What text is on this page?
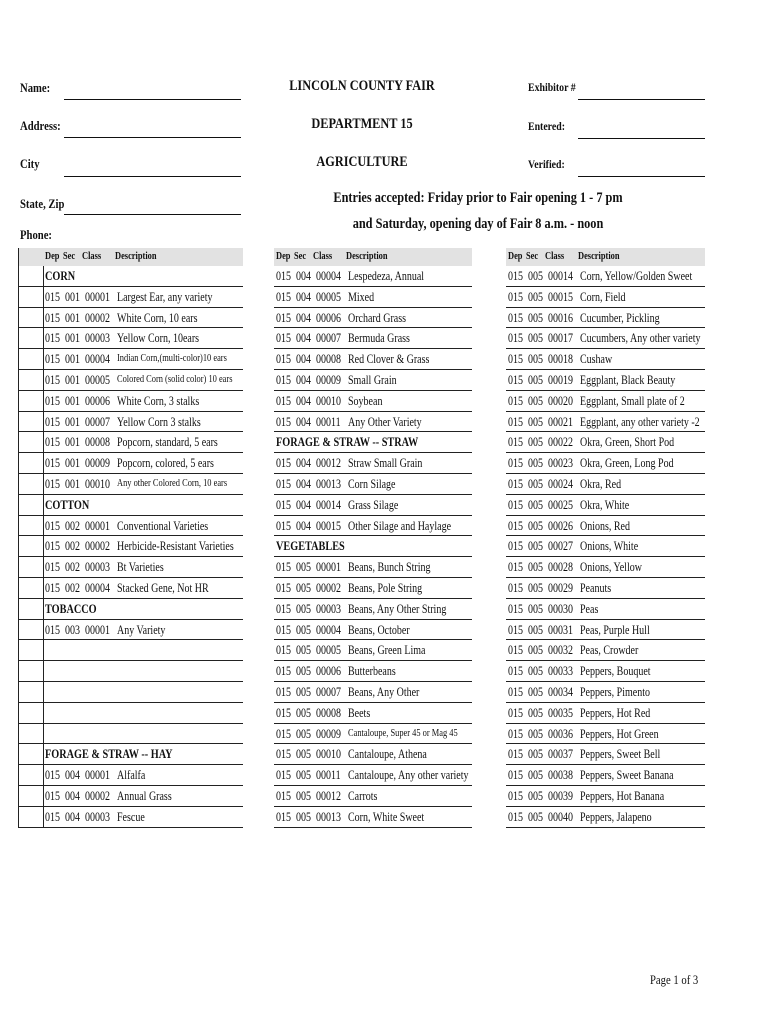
Name:
Address:
City
State, Zip
Phone:
LINCOLN COUNTY FAIR
DEPARTMENT 15
AGRICULTURE
Entries accepted: Friday prior to Fair opening 1 - 7 pm
and Saturday, opening day of Fair 8 a.m. - noon
Exhibitor #
Entered:
Verified:
Dep Sec Class Description
CORN
015  001  00001 Largest Ear, any variety
015  001  00002 White Corn, 10 ears
015  001  00003 Yellow Corn, 10ears
015  001  00004 Indian Corn,(multi-color)10 ears
015  001  00005 Colored Corn (solid color) 10 ears
015  001  00006 White Corn, 3 stalks
015  001  00007 Yellow Corn 3 stalks
015  001  00008 Popcorn, standard, 5 ears
015  001  00009 Popcorn, colored, 5 ears
015  001  00010 Any other Colored Corn, 10 ears
COTTON
015  002  00001 Conventional Varieties
015  002  00002 Herbicide-Resistant Varieties
015  002  00003 Bt Varieties
015  002  00004 Stacked Gene, Not HR
TOBACCO
015  003  00001 Any Variety
FORAGE & STRAW -- HAY
015  004  00001 Alfalfa
015  004  00002 Annual Grass
015  004  00003 Fescue
Dep Sec Class Description
015  004  00004 Lespedeza, Annual
015  004  00005 Mixed
015  004  00006 Orchard Grass
015  004  00007 Bermuda Grass
015  004  00008 Red Clover & Grass
015  004  00009 Small Grain
015  004  00010 Soybean
015  004  00011 Any Other Variety
FORAGE & STRAW -- STRAW
015  004  00012 Straw Small Grain
015  004  00013 Corn Silage
015  004  00014 Grass Silage
015  004  00015 Other Silage and Haylage
VEGETABLES
015  005  00001 Beans, Bunch String
015  005  00002 Beans, Pole String
015  005  00003 Beans, Any Other String
015  005  00004 Beans, October
015  005  00005 Beans, Green Lima
015  005  00006 Butterbeans
015  005  00007 Beans, Any Other
015  005  00008 Beets
015  005  00009 Cantaloupe, Super 45 or Mag 45
015  005  00010 Cantaloupe, Athena
015  005  00011 Cantaloupe, Any other variety
015  005  00012 Carrots
015  005  00013 Corn, White Sweet
Dep Sec Class Description
015  005  00014 Corn, Yellow/Golden Sweet
015  005  00015 Corn, Field
015  005  00016 Cucumber, Pickling
015  005  00017 Cucumbers, Any other variety
015  005  00018 Cushaw
015  005  00019 Eggplant, Black Beauty
015  005  00020 Eggplant, Small plate of 2
015  005  00021 Eggplant, any other variety -2
015  005  00022 Okra, Green, Short Pod
015  005  00023 Okra, Green, Long Pod
015  005  00024 Okra, Red
015  005  00025 Okra, White
015  005  00026 Onions, Red
015  005  00027 Onions, White
015  005  00028 Onions, Yellow
015  005  00029 Peanuts
015  005  00030 Peas
015  005  00031 Peas, Purple Hull
015  005  00032 Peas, Crowder
015  005  00033 Peppers, Bouquet
015  005  00034 Peppers, Pimento
015  005  00035 Peppers, Hot Red
015  005  00036 Peppers, Hot Green
015  005  00037 Peppers, Sweet Bell
015  005  00038 Peppers, Sweet Banana
015  005  00039 Peppers, Hot Banana
015  005  00040 Peppers, Jalapeno
Page 1 of 3
